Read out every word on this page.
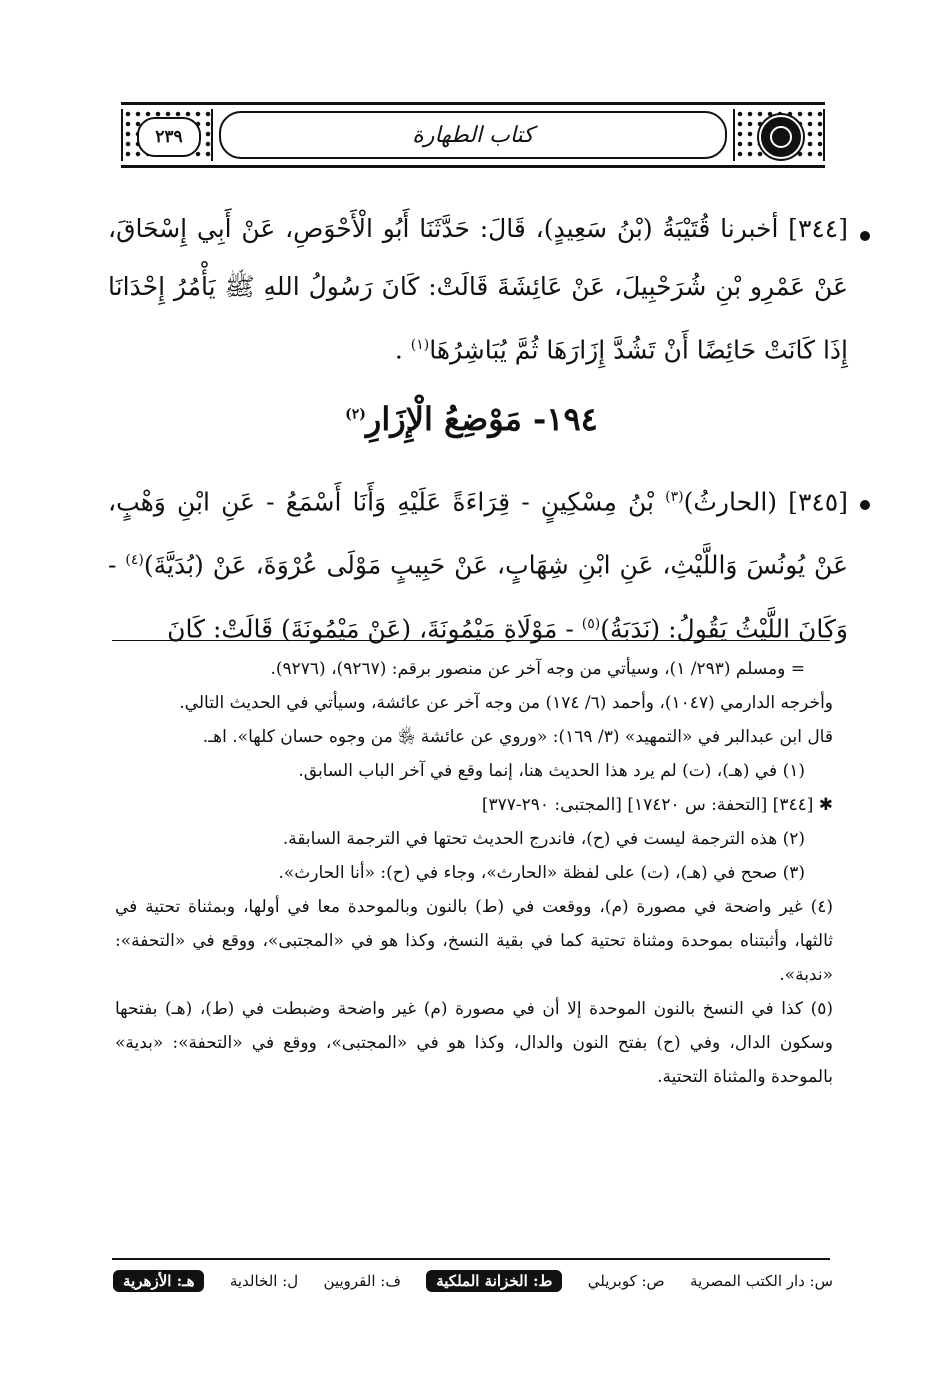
٢٣٩	كتاب الطهارة
[٣٤٤] أخبرنا قُتَيْبَةُ (بْنُ سَعِيدٍ)، قَالَ: حَدَّثَنَا أَبُو الْأَحْوَصِ، عَنْ أَبِي إِسْحَاقَ، عَنْ عَمْرِو بْنِ شُرَحْبِيلَ، عَنْ عَائِشَةَ قَالَتْ: كَانَ رَسُولُ اللهِ ﷺ يَأْمُرُ إِحْدَانَا إِذَا كَانَتْ حَائِضًا أَنْ تَشُدَّ إِزَارَهَا ثُمَّ يُبَاشِرُهَا$^{(١)}$ .
١٩٤- مَوْضِعُ الْإِزَارِ$^{(٢)}$
[٣٤٥] (الحارثُ)$^{(٣)}$ بْنُ مِسْكِينٍ - قِرَاءَةً عَلَيْهِ وَأَنَا أَسْمَعُ - عَنِ ابْنِ وَهْبٍ، عَنْ يُونُسَ وَاللَّيْثِ، عَنِ ابْنِ شِهَابٍ، عَنْ حَبِيبٍ مَوْلَى عُرْوَةَ، عَنْ (بُدَيَّةَ)$^{(٤)}$ - وَكَانَ اللَّيْثُ يَقُولُ: (نَدَبَةُ)$^{(٥)}$ - مَوْلَاةِ مَيْمُونَةَ، (عَنْ مَيْمُونَةَ) قَالَتْ: كَانَ

= ومسلم (٢٩٣/ ١)، وسيأتي من وجه آخر عن منصور برقم: (٩٢٦٧)، (٩٢٧٦).

وأخرجه الدارمي (١٠٤٧)، وأحمد (٦/ ١٧٤) من وجه آخر عن عائشة، وسيأتي في الحديث التالي.

قال ابن عبدالبر في «التمهيد» (٣/ ١٦٩): «وروي عن عائشة ﵂ من وجوه حسان كلها». اهـ.

(١) في (هـ)، (ت) لم يرد هذا الحديث هنا، إنما وقع في آخر الباب السابق.

✱ [٣٤٤] [التحفة: س ١٧٤٢٠] [المجتبى: ٢٩٠-٣٧٧]

(٢) هذه الترجمة ليست في (ح)، فاندرج الحديث تحتها في الترجمة السابقة.

(٣) صحح في (هـ)، (ت) على لفظة «الحارث»، وجاء في (ح): «أنا الحارث».

(٤) غير واضحة في مصورة (م)، ووقعت في (ط) بالنون وبالموحدة معا في أولها، وبمثناة تحتية في ثالثها، وأثبتناه بموحدة ومثناة تحتية كما في بقية النسخ، وكذا هو في «المجتبى»، ووقع في «التحفة»: «ندبة».

(٥) كذا في النسخ بالنون الموحدة إلا أن في مصورة (م) غير واضحة وضبطت في (ط)، (هـ) بفتحها وسكون الدال، وفي (ح) بفتح النون والدال، وكذا هو في «المجتبى»، ووقع في «التحفة»: «بدية» بالموحدة والمثناة التحتية.

س: دار الكتب المصرية
ص: كوبريلي
ط: الخزانة الملكية
ف: القرويين
ل: الخالدية
هـ: الأزهرية
